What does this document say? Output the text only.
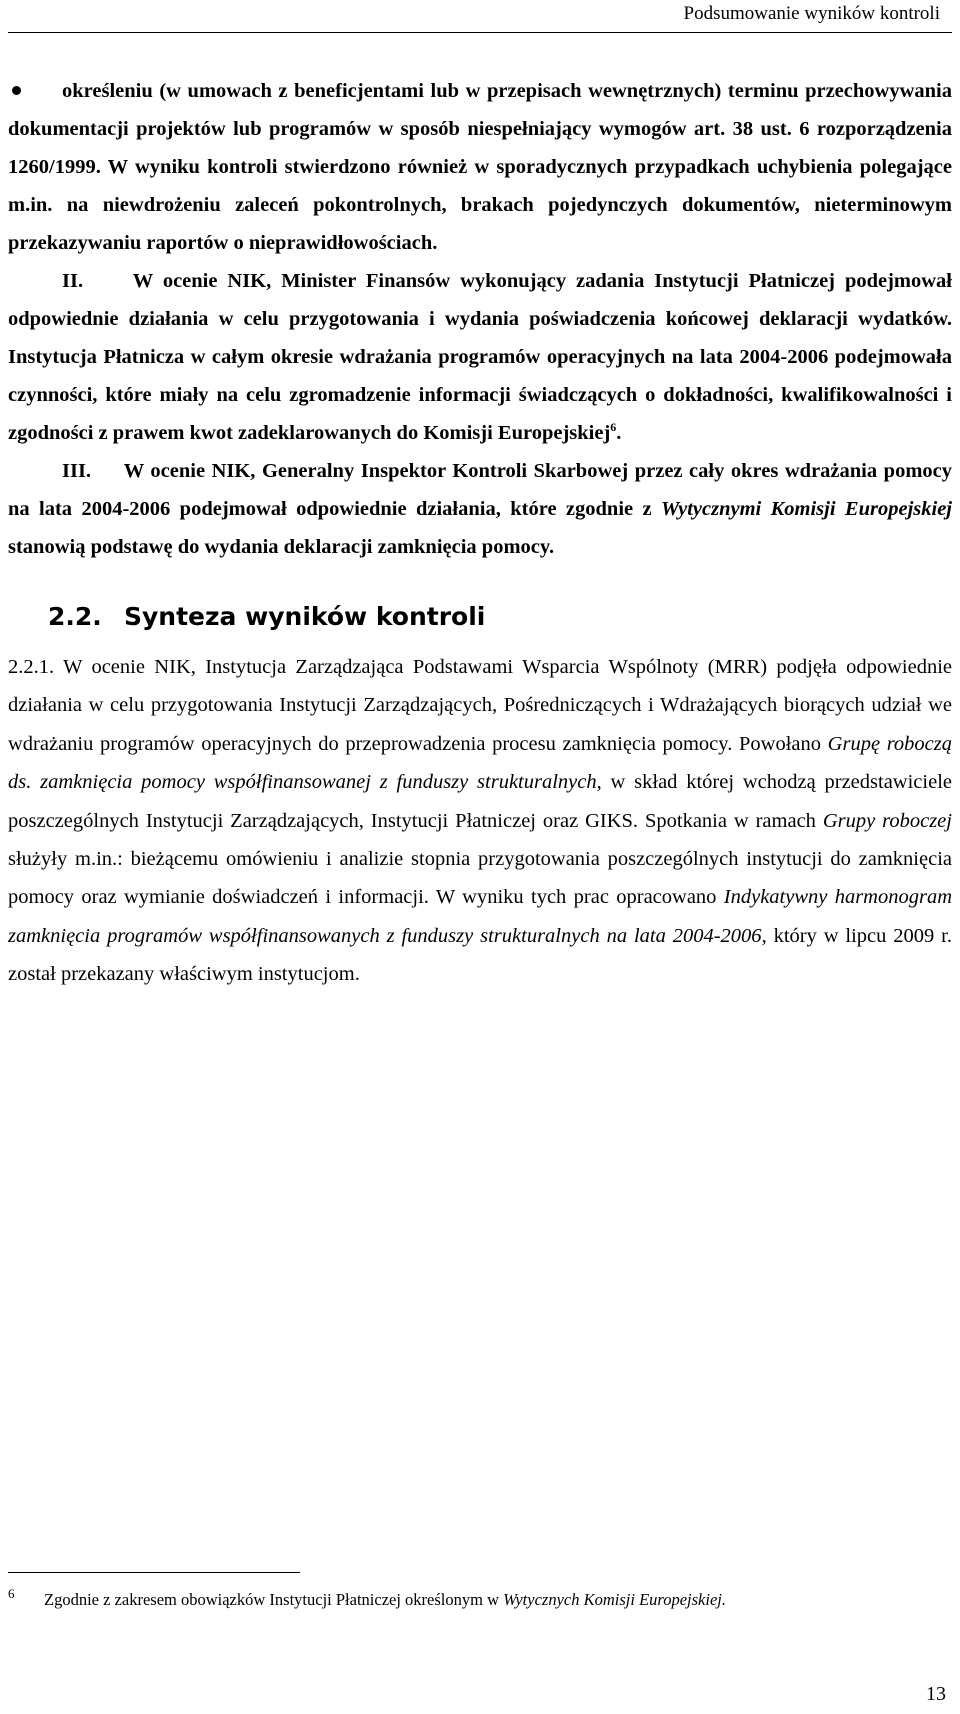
Podsumowanie wyników kontroli

określeniu (w umowach z beneficjentami lub w przepisach wewnętrznych) terminu przechowywania dokumentacji projektów lub programów w sposób niespełniający wymogów art. 38 ust. 6 rozporządzenia 1260/1999. W wyniku kontroli stwierdzono również w sporadycznych przypadkach uchybienia polegające m.in. na niewdrożeniu zaleceń pokontrolnych, brakach pojedynczych dokumentów, nieterminowym przekazywaniu raportów o nieprawidłowościach.

II. W ocenie NIK, Minister Finansów wykonujący zadania Instytucji Płatniczej podejmował odpowiednie działania w celu przygotowania i wydania poświadczenia końcowej deklaracji wydatków. Instytucja Płatnicza w całym okresie wdrażania programów operacyjnych na lata 2004-2006 podejmowała czynności, które miały na celu zgromadzenie informacji świadczących o dokładności, kwalifikowalności i zgodności z prawem kwot zadeklarowanych do Komisji Europejskiej$^6$.

III. W ocenie NIK, Generalny Inspektor Kontroli Skarbowej przez cały okres wdrażania pomocy na lata 2004-2006 podejmował odpowiednie działania, które zgodnie z Wytycznymi Komisji Europejskiej stanowią podstawę do wydania deklaracji zamknięcia pomocy.

2.2. Synteza wyników kontroli

2.2.1. W ocenie NIK, Instytucja Zarządzająca Podstawami Wsparcia Wspólnoty (MRR) podjęła odpowiednie działania w celu przygotowania Instytucji Zarządzających, Pośredniczących i Wdrażających biorących udział we wdrażaniu programów operacyjnych do przeprowadzenia procesu zamknięcia pomocy. Powołano Grupę roboczą ds. zamknięcia pomocy współfinansowanej z funduszy strukturalnych, w skład której wchodzą przedstawiciele poszczególnych Instytucji Zarządzających, Instytucji Płatniczej oraz GIKS. Spotkania w ramach Grupy roboczej służyły m.in.: bieżącemu omówieniu i analizie stopnia przygotowania poszczególnych instytucji do zamknięcia pomocy oraz wymianie doświadczeń i informacji. W wyniku tych prac opracowano Indykatywny harmonogram zamknięcia programów współfinansowanych z funduszy strukturalnych na lata 2004-2006, który w lipcu 2009 r. został przekazany właściwym instytucjom.

6 Zgodnie z zakresem obowiązków Instytucji Płatniczej określonym w Wytycznych Komisji Europejskiej.
13
